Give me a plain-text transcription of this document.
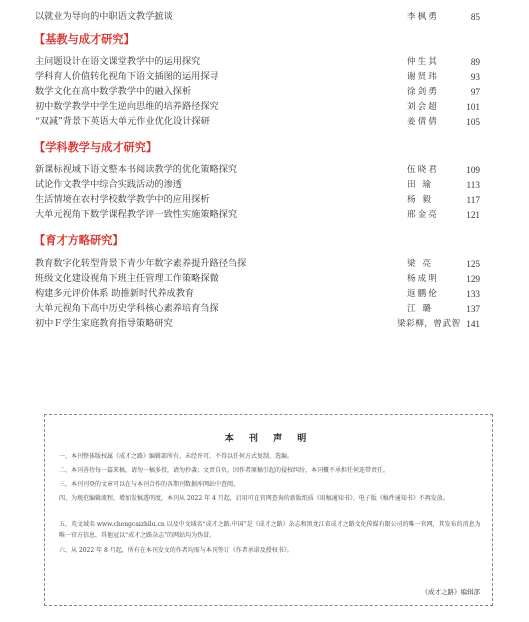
以就业为导向的中职语文教学摭谈	李枫勇	85
【基教与成才研究】
主问题设计在语文课堂教学中的运用探究	仲生其	89
学科育人价值转化视角下语文插图的运用探寻	谢贤玮	93
数学文化在高中数学教学中的融入探析	徐剑勇	97
初中数学教学中学生逆向思维的培养路径探究	刘会超	101
“双减”背景下英语大单元作业优化设计探研	姜倩倩	105
【学科教学与成才研究】
新课标视域下语文整本书阅读教学的优化策略探究	伍晓君	109
试论作文教学中综合实践活动的渗透	田 瑜	113
生活情境在农村学校数学教学中的应用探析	杨 毅	117
大单元视角下数学课程教学评一致性实施策略探究	邢金亮	121
【育才方略研究】
教育数字化转型背景下青少年数字素养提升路径刍探	梁 亮	125
班级文化建设视角下班主任管理工作策略探微	杨成明	129
构建多元评价体系 助推新时代养成教育	返鹏伦	133
大单元视角下高中历史学科核心素养培育刍探	江 璐	137
初中Ｆ学生家庭教育指导策略研究	梁彩柳，曾武智 141
本 刊 声 明
一、本刊整体版权属《成才之路》编辑部所有，未经许可，不得以任何方式复制、选编。
二、本刊善待每一篇来稿，请勿一稿多投，请勿抄袭；文责自负，因作者原稿引起的侵权纠纷，本刊概不承担任何连带责任。
三、本刊刊登的文章可以在与本刊合作的各期刊数据库网站中查阅。
四、为规范编辑流程，增加发稿透明度，本刊从 2022 年 4 月起，启用可在官网查询的新版纸质《用稿通知书》、电子版《稿件通知书》不再发放。
五、英文域名 www.chengcaizhilu.cn 以及中文域名“成才之路.中国”是《成才之路》杂志和黑龙江省成才之路文化传媒有限公司的唯一官网，其发布的消息为唯一官方信息，其他冠以“成才之路杂志”的网站均为伪冒。
六、从 2022 年 8 月起，所有在本刊发文的作者均需与本刊签订《作者承诺及授权书》。
《成才之路》编辑部
